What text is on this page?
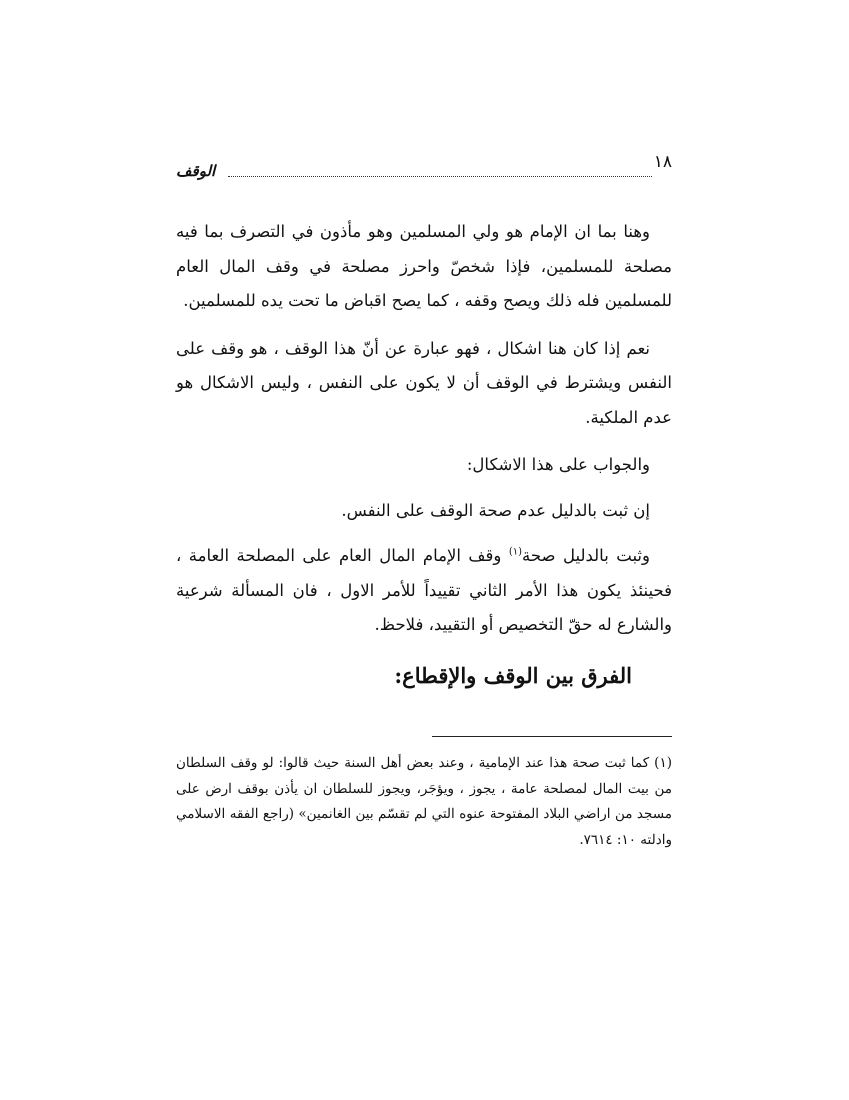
١٨
الوقف

وهنا بما ان الإمام هو ولي المسلمين وهو مأذون في التصرف بما فيه مصلحة للمسلمين، فإذا شخصّ واحرز مصلحة في وقف المال العام للمسلمين فله ذلك ويصح وقفه ، كما يصح اقباض ما تحت يده للمسلمين.

نعم إذا كان هنا اشكال ، فهو عبارة عن أنّ هذا الوقف ، هو وقف على النفس ويشترط في الوقف أن لا يكون على النفس ، وليس الاشكال هو عدم الملكية.

والجواب على هذا الاشكال:

إن ثبت بالدليل عدم صحة الوقف على النفس.

وثبت بالدليل صحة$^{(١)}$ وقف الإمام المال العام على المصلحة العامة ، فحينئذ يكون هذا الأمر الثاني تقييداً للأمر الاول ، فان المسألة شرعية والشارع له حقّ التخصيص أو التقييد، فلاحظ.

الفرق بين الوقف والإقطاع:

(١) كما ثبت صحة هذا عند الإمامية ، وعند بعض أهل السنة حيث قالوا: لو وقف السلطان من بيت المال لمصلحة عامة ، يجوز ، ويؤجَر، ويجوز للسلطان ان يأذن بوقف ارض على مسجد من اراضي البلاد المفتوحة عنوه التي لم تقسّم بين الغانمين» (راجع الفقه الاسلامي وادلته ١٠: ٧٦١٤.
